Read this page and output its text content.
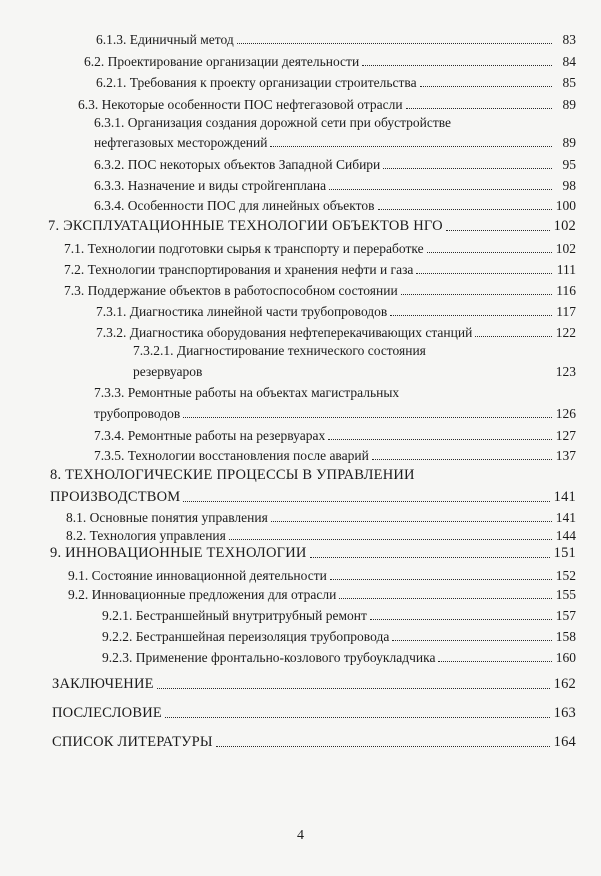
6.1.3. Единичный метод	83
6.2. Проектирование организации деятельности	84
6.2.1. Требования к проекту организации строительства	85
6.3. Некоторые особенности ПОС нефтегазовой отрасли	89
6.3.1. Организация создания дорожной сети при обустройстве
нефтегазовых месторождений	89
6.3.2. ПОС некоторых объектов Западной Сибири	95
6.3.3. Назначение и виды стройгенплана	98
6.3.4. Особенности ПОС для линейных объектов	100
7. ЭКСПЛУАТАЦИОННЫЕ ТЕХНОЛОГИИ ОБЪЕКТОВ НГО	102
7.1. Технологии подготовки сырья к транспорту и переработке	102
7.2. Технологии транспортирования и хранения нефти и газа	111
7.3. Поддержание объектов в работоспособном состоянии	116
7.3.1. Диагностика линейной части трубопроводов	117
7.3.2. Диагностика оборудования нефтеперекачивающих станций	122
7.3.2.1. Диагностирование технического состояния
резервуаров	123
7.3.3. Ремонтные работы на объектах магистральных
трубопроводов	126
7.3.4. Ремонтные работы на резервуарах	127
7.3.5. Технологии восстановления после аварий	137
8. ТЕХНОЛОГИЧЕСКИЕ ПРОЦЕССЫ В УПРАВЛЕНИИ
ПРОИЗВОДСТВОМ	141
8.1. Основные понятия управления	141
8.2. Технология управления	144
9. ИННОВАЦИОННЫЕ ТЕХНОЛОГИИ	151
9.1. Состояние инновационной деятельности	152
9.2. Инновационные предложения для отрасли	155
9.2.1. Бестраншейный внутритрубный ремонт	157
9.2.2. Бестраншейная переизоляция трубопровода	158
9.2.3. Применение фронтально-козлового трубоукладчика	160
ЗАКЛЮЧЕНИЕ	162
ПОСЛЕСЛОВИЕ	163
СПИСОК ЛИТЕРАТУРЫ	164
4
